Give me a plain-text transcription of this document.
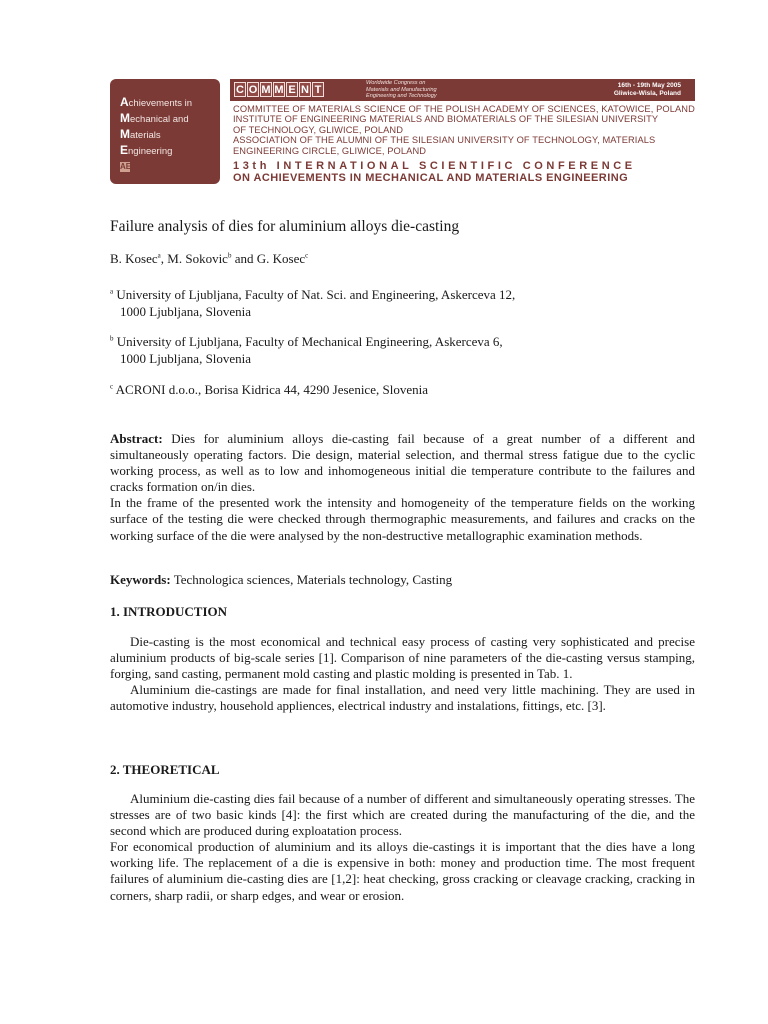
Achievements in
Mechanical and
Materials
Engineering
AE
C O M M E N T
Worldwide Congress on
Materials and Manufacturing
Engineering and Technology
16th - 19th May 2005
Gliwice-Wisla, Poland
COMMITTEE OF MATERIALS SCIENCE OF THE POLISH ACADEMY OF SCIENCES, KATOWICE, POLAND
INSTITUTE OF ENGINEERING MATERIALS AND BIOMATERIALS OF THE SILESIAN UNIVERSITY
OF TECHNOLOGY, GLIWICE, POLAND
ASSOCIATION OF THE ALUMNI OF THE SILESIAN UNIVERSITY OF TECHNOLOGY, MATERIALS
ENGINEERING CIRCLE, GLIWICE, POLAND
13th INTERNATIONAL SCIENTIFIC CONFERENCE
ON ACHIEVEMENTS IN MECHANICAL AND MATERIALS ENGINEERING
Failure analysis of dies for aluminium alloys die-casting
B. Kosec$^a$, M. Sokovic$^b$ and G. Kosec$^c$
$^a$ University of Ljubljana, Faculty of Nat. Sci. and Engineering, Askerceva 12,
1000 Ljubljana, Slovenia
$^b$ University of Ljubljana, Faculty of Mechanical Engineering, Askerceva 6,
1000 Ljubljana, Slovenia
$^c$ ACRONI d.o.o., Borisa Kidrica 44, 4290 Jesenice, Slovenia

Abstract: Dies for aluminium alloys die-casting fail because of a great number of a different and simultaneously operating factors. Die design, material selection, and thermal stress fatigue due to the cyclic working process, as well as to low and inhomogeneous initial die temperature contribute to the failures and cracks formation on/in dies.

In the frame of the presented work the intensity and homogeneity of the temperature fields on the working surface of the testing die were checked through thermographic measurements, and failures and cracks on the working surface of the die were analysed by the non-destructive metallographic examination methods.

Keywords: Technologica sciences, Materials technology, Casting

1. INTRODUCTION

Die-casting is the most economical and technical easy process of casting very sophisticated and precise aluminium products of big-scale series [1]. Comparison of nine parameters of the die-casting versus stamping, forging, sand casting, permanent mold casting and plastic molding is presented in Tab. 1.

Aluminium die-castings are made for final installation, and need very little machining. They are used in automotive industry, household appliences, electrical industry and instalations, fittings, etc. [3].

2. THEORETICAL

Aluminium die-casting dies fail because of a number of different and simultaneously operating stresses. The stresses are of two basic kinds [4]: the first which are created during the manufacturing of the die, and the second which are produced during exploatation process.

For economical production of aluminium and its alloys die-castings it is important that the dies have a long working life. The replacement of a die is expensive in both: money and production time. The most frequent failures of aluminium die-casting dies are [1,2]: heat checking, gross cracking or cleavage cracking, cracking in corners, sharp radii, or sharp edges, and wear or erosion.
